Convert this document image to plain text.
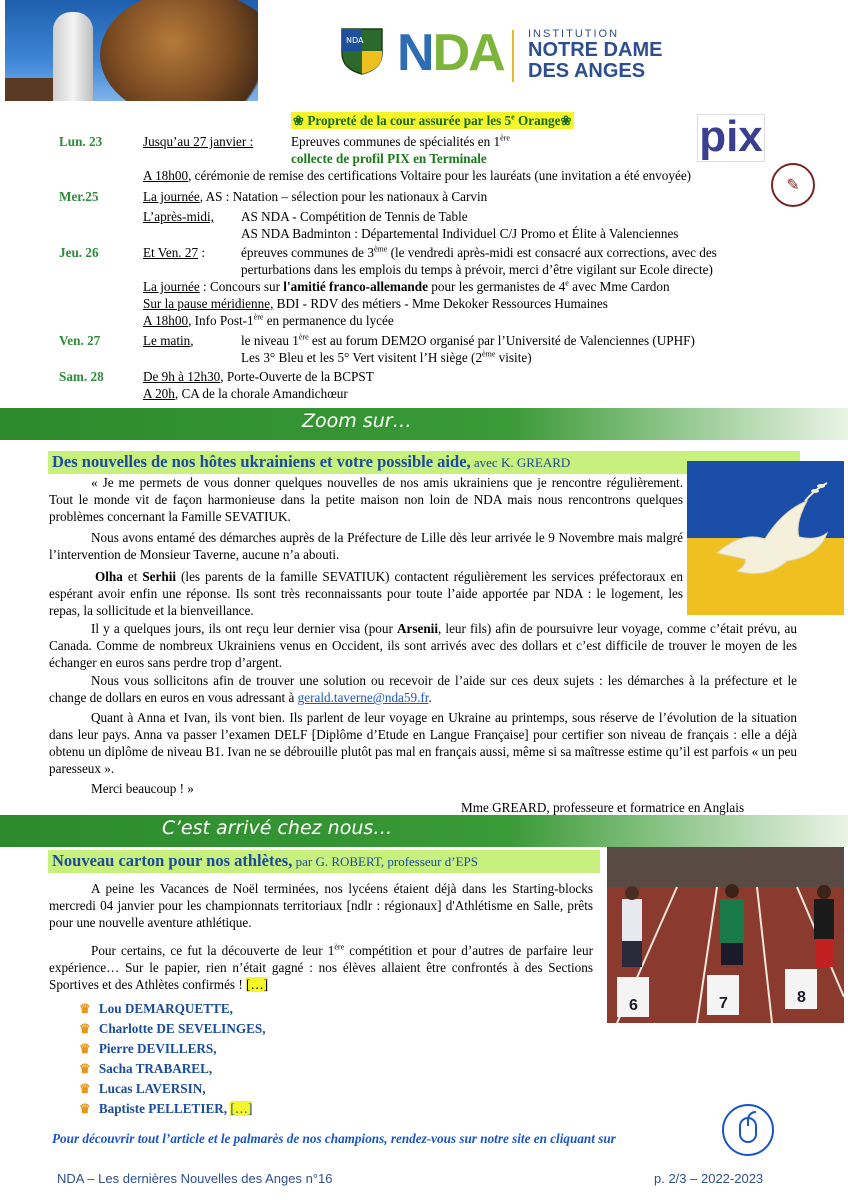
NDA ND A INSTITUTION
NOTRE DAME
DES ANGES
❀ Propreté de la cour assurée par les 5e Orange❀	pix
✎
Lun. 23	Jusqu’au 27 janvier :	Epreuves communes de spécialités en 1ère
collecte de profil PIX en Terminale
A 18h00, cérémonie de remise des certifications Voltaire pour les lauréats (une invitation a été envoyée)
Mer.25	La journée, AS : Natation – sélection pour les nationaux à Carvin
L’après-midi, AS NDA - Compétition de Tennis de Table
AS NDA Badminton : Départemental Individuel C/J Promo et Élite à Valenciennes
Jeu. 26	Et Ven. 27 :	épreuves communes de 3ème (le vendredi après-midi est consacré aux corrections, avec des
perturbations dans les emplois du temps à prévoir, merci d’être vigilant sur Ecole directe)
La journée : Concours sur l'amitié franco-allemande pour les germanistes de 4e avec Mme Cardon
Sur la pause méridienne, BDI - RDV des métiers - Mme Dekoker Ressources Humaines
A 18h00, Info Post-1ère en permanence du lycée
Ven. 27	Le matin,	le niveau 1ère est au forum DEM2O organisé par l’Université de Valenciennes (UPHF)
Les 3° Bleu et les 5° Vert visitent l’H siège (2ème visite)
Sam. 28	De 9h à 12h30, Porte-Ouverte de la BCPST
A 20h, CA de la chorale Amandichœur
Zoom sur…
Des nouvelles de nos hôtes ukrainiens et votre possible aide, avec K. GREARD
« Je me permets de vous donner quelques nouvelles de nos amis ukrainiens que je rencontre régulièrement. Tout le monde vit de façon harmonieuse dans la petite maison non loin de NDA mais nous rencontrons quelques problèmes concernant la Famille SEVATIUK.
Nous avons entamé des démarches auprès de la Préfecture de Lille dès leur arrivée le 9 Novembre mais malgré l’intervention de Monsieur Taverne, aucune n’a abouti.
Olha et Serhii (les parents de la famille SEVATIUK) contactent régulièrement les services préfectoraux en espérant avoir enfin une réponse. Ils sont très reconnaissants pour toute l’aide apportée par NDA : le logement, les repas, la sollicitude et la bienveillance.
Il y a quelques jours, ils ont reçu leur dernier visa (pour Arsenii, leur fils) afin de poursuivre leur voyage, comme c’était prévu, au Canada. Comme de nombreux Ukrainiens venus en Occident, ils sont arrivés avec des dollars et c’est difficile de trouver le moyen de les échanger en euros sans perdre trop d’argent.
Nous vous sollicitons afin de trouver une solution ou recevoir de l’aide sur ces deux sujets : les démarches à la préfecture et le change de dollars en euros en vous adressant à gerald.taverne@nda59.fr.
Quant à Anna et Ivan, ils vont bien. Ils parlent de leur voyage en Ukraine au printemps, sous réserve de l’évolution de la situation dans leur pays. Anna va passer l’examen DELF [Diplôme d’Etude en Langue Française] pour certifier son niveau de français : elle a déjà obtenu un diplôme de niveau B1. Ivan ne se débrouille plutôt pas mal en français aussi, même si sa maîtresse estime qu’il est parfois « un peu paresseux ».
Merci beaucoup ! »
Mme GREARD, professeure et formatrice en Anglais
C’est arrivé chez nous…
Nouveau carton pour nos athlètes, par G. ROBERT, professeur d’EPS
6	7	8
A peine les Vacances de Noël terminées, nos lycéens étaient déjà dans les Starting-blocks mercredi 04 janvier pour les championnats territoriaux [ndlr : régionaux] d'Athlétisme en Salle, prêts pour une nouvelle aventure athlétique.
Pour certains, ce fut la découverte de leur 1ère compétition et pour d’autres de parfaire leur expérience… Sur le papier, rien n’était gagné : nos élèves allaient être confrontés à des Sections Sportives et des Athlètes confirmés ! […]
♛ Lou DEMARQUETTE,
♛ Charlotte DE SEVELINGES,
♛ Pierre DEVILLERS,
♛ Sacha TRABAREL,
♛ Lucas LAVERSIN,
♛ Baptiste PELLETIER, […]
Pour découvrir tout l’article et le palmarès de nos champions, rendez-vous sur notre site en cliquant sur
NDA – Les dernières Nouvelles des Anges n°16	p. 2/3 – 2022-2023
